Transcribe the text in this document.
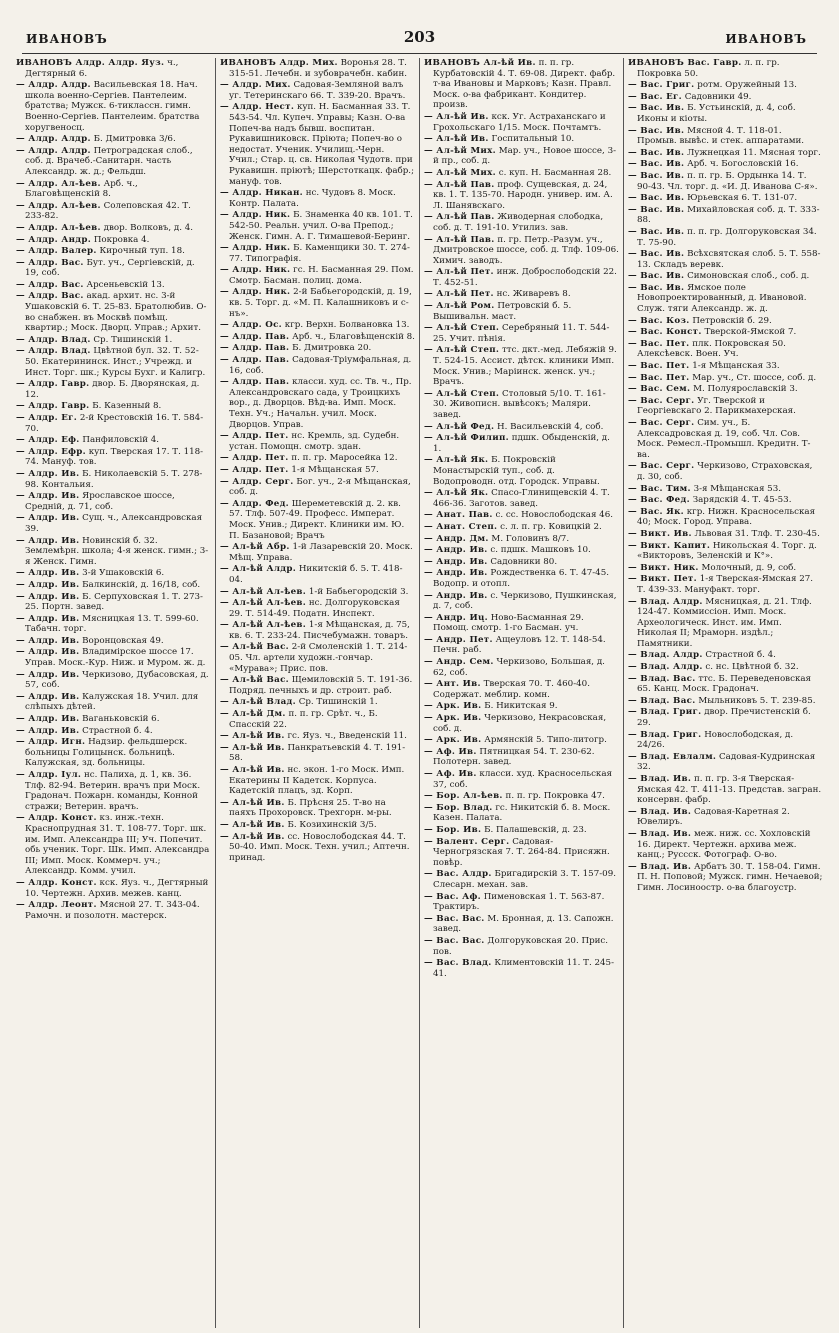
ИВАНОВЪ	203	ИВАНОВЪ

ИВАНОВЪ Алдр. Алдр. Яуз. ч., Дегтярный 6.

— Алдр. Алдр. Васильевская 18. Нач. школа военно-Сергіев. Пантелеим. братства; Мужск. 6-тиклассн. гимн. Военно-Сергіев. Пантелеим. братства хоругвеносц.

— Алдр. Алдр. Б. Дмитровка 3/6.

— Алдр. Алдр. Петроградская слоб., соб. д. Врачеб.-Санитарн. часть Александр. ж. д.; Фельдш.

— Алдр. Ал-ѣев. Арб. ч., Благовѣщенскій 8.

— Алдр. Ал-ѣев. Солеповская 42. Т. 233-82.

— Алдр. Ал-ѣев. двор. Волковъ, д. 4.

— Алдр. Андр. Покровка 4.

— Алдр. Валер. Кирочный туп. 18.

— Алдр. Вас. Бут. уч., Сергіевскій, д. 19, соб.

— Алдр. Вас. Арсеньевскій 13.

— Алдр. Вас. акад. архит. нс. 3-й Ушаковскій 6. Т. 25-83. Братолюбив. О-во снабжен. въ Москвѣ помѣщ. квартир.; Моск. Дворц. Управ.; Архит.

— Алдр. Влад. Ср. Тишинскій 1.

— Алдр. Влад. Цвѣтной бул. 32. Т. 52-50. Екатерининск. Инст.; Учрежд. и Инст. Торг. шк.; Курсы Бухг. и Калигр.

— Алдр. Гавр. двор. Б. Дворянская, д. 12.

— Алдр. Гавр. Б. Казенный 8.

— Алдр. Ег. 2-й Крестовскій 16. Т. 584-70.

— Алдр. Еф. Панфиловскій 4.

— Алдр. Ефр. куп. Тверская 17. Т. 118-74. Мануф. тов.

— Алдр. Ив. Б. Николаевскій 5. Т. 278-98. Контальия.

— Алдр. Ив. Ярославское шоссе, Средній, д. 71, соб.

— Алдр. Ив. Сущ. ч., Александровская 39.

— Алдр. Ив. Новинскій б. 32. Землемѣрн. школа; 4-я женск. гимн.; 3-я Женск. Гимн.

— Алдр. Ив. 3-й Ушаковскій 6.

— Алдр. Ив. Балкинскій, д. 16/18, соб.

— Алдр. Ив. Б. Серпуховская 1. Т. 273-25. Портн. завед.

— Алдр. Ив. Мясницкая 13. Т. 599-60. Табачн. торг.

— Алдр. Ив. Воронцовская 49.

— Алдр. Ив. Владимірское шоссе 17. Управ. Моск.-Кур. Ниж. и Муром. ж. д.

— Алдр. Ив. Черкизово, Дубасовская, д. 57, соб.

— Алдр. Ив. Калужская 18. Учил. для слѣпыхъ дѣтей.

— Алдр. Ив. Ваганьковскій 6.

— Алдр. Ив. Страстной б. 4.

— Алдр. Игн. Надзир. фельдшерск. больницы Голицынск. больницѣ. Калужская, зд. больницы.

— Алдр. Iул. нс. Палиха, д. 1, кв. 36. Тлф. 82-94. Ветерин. врачъ при Моск. Градонач. Пожарн. команды, Конной стражи; Ветерин. врачъ.

— Алдр. Конст. кз. инж.-техн. Краснопрудная 31. Т. 108-77. Торг. шк. им. Имп. Александра III; Уч. Попечит. обь ученик. Торг. Шк. Имп. Александра III; Имп. Моск. Коммерч. уч.; Александр. Комм. учил.

— Алдр. Конст. кск. Яуз. ч., Дегтярный 10. Чертежн. Архив. межев. канц.

— Алдр. Леонт. Мясной 27. Т. 343-04. Рамочн. и позолотн. мастерск.

ИВАНОВЪ Алдр. Мих. Воронья 28. Т. 315-51. Лечебн. и зубоврачебн. кабин.

— Алдр. Мих. Садовая-Земляной валъ уг. Тетеринскаго 66. Т. 339-20. Врачъ.

— Алдр. Нест. куп. Н. Басманная 33. Т. 543-54. Чл. Купеч. Управы; Казн. О-ва Попеч-ва надъ бывш. воспитан. Рукавишниковск. Пріюта; Попеч-во о недостат. Ученик. Училищ.-Черн. Учил.; Стар. ц. св. Николая Чудотв. при Рукавишн. пріютѣ; Шерстоткацк. фабр.; мануф. тов.

— Алдр. Никан. нс. Чудовъ 8. Моск. Контр. Палата.

— Алдр. Ник. Б. Знаменка 40 кв. 101. Т. 542-50. Реальн. учил. О-ва Препод.; Женск. Гимн. А. Г. Тимашевой-Беринг.

— Алдр. Ник. Б. Каменщики 30. Т. 274-77. Типографія.

— Алдр. Ник. гс. Н. Басманная 29. Пом. Смотр. Басман. полиц. дома.

— Алдр. Ник. 2-й Бабьегородскій, д. 19, кв. 5. Торг. д. «М. П. Калашниковъ и с-нъ».

— Алдр. Ос. кгр. Верхн. Болвановка 13.

— Алдр. Пав. Арб. ч., Благовѣщенскій 8.

— Алдр. Пав. Б. Дмитровка 20.

— Алдр. Пав. Садовая-Трiумфальная, д. 16, соб.

— Алдр. Пав. класси. худ. сс. Тв. ч., Пр. Александровскаго сада, у Троицкихъ вор., д. Дворцов. Вѣд-ва. Имп. Моск. Техн. Уч.; Начальн. учил. Моск. Дворцов. Управ.

— Алдр. Пет. нс. Кремль, зд. Судебн. устан. Помощн. смотр. здан.

— Алдр. Пет. п. п. гр. Маросейка 12.

— Алдр. Пет. 1-я Мѣщанская 57.

— Алдр. Серг. Бог. уч., 2-я Мѣщанская, соб. д.

— Алдр. Фед. Шереметевскій д. 2. кв. 57. Тлф. 507-49. Професс. Императ. Моск. Унив.; Директ. Клиники им. Ю. П. Базановой; Врачъ

— Ал-ѣй Абр. 1-й Лазаревскій 20. Моск. Мѣщ. Управа.

— Ал-ѣй Алдр. Никитскій б. 5. Т. 418-04.

— Ал-ѣй Ал-ѣев. 1-й Бабьегородскій 3.

— Ал-ѣй Ал-ѣев. нс. Долгоруковская 29. Т. 514-49. Податн. Инспект.

— Ал-ѣй Ал-ѣев. 1-я Мѣщанская, д. 75, кв. 6. Т. 233-24. Писчебумажн. товаръ.

— Ал-ѣй Вас. 2-й Смоленскій 1. Т. 214-05. Чл. артели художн.-гончар. «Мурава»; Прис. пов.

— Ал-ѣй Вас. Щемиловскій 5. Т. 191-36. Подряд. печныхъ и др. строит. раб.

— Ал-ѣй Влад. Ср. Тишинскій 1.

— Ал-ѣй Дм. п. п. гр. Срѣт. ч., Б. Спасскій 22.

— Ал-ѣй Ив. гс. Яуз. ч., Введенскій 11.

— Ал-ѣй Ив. Панкратьевскій 4. Т. 191-58.

— Ал-ѣй Ив. нс. экон. 1-го Моск. Имп. Екатерины II Кадетск. Корпуса. Кадетскій плацъ, зд. Корп.

— Ал-ѣй Ив. Б. Прѣсня 25. Т-во на паяхъ Прохоровск. Трехгорн. м-ры.

— Ал-ѣй Ив. Б. Козихинскій 3/5.

— Ал-ѣй Ив. сс. Новослободская 44. Т. 50-40. Имп. Моск. Техн. учил.; Аптечн. принад.

ИВАНОВЪ Ал-ѣй Ив. п. п. гр. Курбатовскій 4. Т. 69-08. Директ. фабр. т-ва Ивановы и Марковъ; Казн. Правл. Моск. о-ва фабрикант. Кондитер. произв.

— Ал-ѣй Ив. кск. Уг. Астраханскаго и Грохольскаго 1/15. Моск. Почтамтъ.

— Ал-ѣй Ив. Госпитальный 10.

— Ал-ѣй Мих. Мар. уч., Новое шоссе, 3-й пр., соб. д.

— Ал-ѣй Мих. с. куп. Н. Басманная 28.

— Ал-ѣй Пав. проф. Сущевская, д. 24, кв. 1. Т. 135-70. Народн. универ. им. А. Л. Шанявскаго.

— Ал-ѣй Пав. Живодерная слободка, соб. д. Т. 191-10. Утилиз. зав.

— Ал-ѣй Пав. п. гр. Петр.-Разум. уч., Дмитровское шоссе, соб. д. Тлф. 109-06. Химич. заводъ.

— Ал-ѣй Пет. инж. Доброслободскій 22. Т. 452-51.

— Ал-ѣй Пет. нс. Живаревъ 8.

— Ал-ѣй Ром. Петровскій б. 5. Вышивальн. маст.

— Ал-ѣй Степ. Серебряный 11. Т. 544-25. Учит. пѣнія.

— Ал-ѣй Степ. ттс. дкт.-мед. Лебяжій 9. Т. 524-15. Ассист. дѣтск. клиники Имп. Моск. Унив.; Маріинск. женск. уч.; Врачъ.

— Ал-ѣй Степ. Столовый 5/10. Т. 161-30. Живописн. вывѣсокъ; Маляри. завед.

— Ал-ѣй Фед. Н. Васильевскій 4, соб.

— Ал-ѣй Филип. пдшк. Обыденскій, д. 1.

— Ал-ѣй Як. Б. Покровскій Монастырскій туп., соб. д. Водопроводн. отд. Городск. Управы.

— Ал-ѣй Як. Спасо-Глинищевскій 4. Т. 466-36. Заготов. завед.

— Анат. Пав. с. сс. Новослободская 46.

— Анат. Степ. с. л. п. гр. Ковицкій 2.

— Андр. Дм. М. Головинъ 8/7.

— Андр. Ив. с. пдшк. Машковъ 10.

— Андр. Ив. Садовники 80.

— Андр. Ив. Рождественка 6. Т. 47-45. Водопр. и отопл.

— Андр. Ив. с. Черкизово, Пушкинская, д. 7, соб.

— Андр. Иų. Ново-Басманная 29. Помощ. смотр. 1-го Басман. уч.

— Андр. Пет. Ащеуловъ 12. Т. 148-54. Печн. раб.

— Андр. Сем. Черкизово, Большая, д. 62, соб.

— Ант. Ив. Тверская 70. Т. 460-40. Содержат. меблир. комн.

— Арк. Ив. Б. Никитская 9.

— Арк. Ив. Черкизово, Некрасовская, соб. д.

— Арк. Ив. Армянскій 5. Типо-литогр.

— Аф. Ив. Пятницкая 54. Т. 230-62. Полотерн. завед.

— Аф. Ив. класси. худ. Красносельская 37, соб.

— Бор. Ал-ѣев. п. п. гр. Покровка 47.

— Бор. Влад. гс. Никитскій б. 8. Моск. Казен. Палата.

— Бор. Ив. Б. Палашевскій, д. 23.

— Валент. Серг. Садовая-Черногрязская 7. Т. 264-84. Присяжн. повѣр.

— Вас. Алдр. Бригадирскій 3. Т. 157-09. Слесарн. механ. зав.

— Вас. Аф. Пименовская 1. Т. 563-87. Трактиръ.

— Вас. Вас. М. Бронная, д. 13. Сапожн. завед.

— Вас. Вас. Долгоруковская 20. Прис. пов.

— Вас. Влад. Климентовскій 11. Т. 245-41.

ИВАНОВЪ Вас. Гавр. л. п. гр. Покровка 50.

— Вас. Григ. ротм. Оружейный 13.

— Вас. Ег. Садовники 49.

— Вас. Ив. Б. Устьинскій, д. 4, соб. Иконы и кіоты.

— Вас. Ив. Мясной 4. Т. 118-01. Промыв. вывѣс. и стек. аппаратами.

— Вас. Ив. Лужнецкая 11. Мясная торг.

— Вас. Ив. Арб. ч. Богословскій 16.

— Вас. Ив. п. п. гр. Б. Ордынка 14. Т. 90-43. Чл. торг. д. «И. Д. Иванова С-я».

— Вас. Ив. Юрьевская 6. Т. 131-07.

— Вас. Ив. Михайловская соб. д. Т. 333-88.

— Вас. Ив. п. п. гр. Долгоруковская 34. Т. 75-90.

— Вас. Ив. Всѣхсвятская слоб. 5. Т. 558-13. Складъ веревк.

— Вас. Ив. Симоновская слоб., соб. д.

— Вас. Ив. Ямское поле Новопроектированный, д. Ивановой. Служ. тяги Александр. ж. д.

— Вас. Коз. Петровскій б. 29.

— Вас. Конст. Тверской-Ямской 7.

— Вас. Пет. плк. Покровская 50. Алексѣевск. Воен. Уч.

— Вас. Пет. 1-я Мѣщанская 33.

— Вас. Пет. Мар. уч., Ст. шоссе, соб. д.

— Вас. Сем. М. Полуярославскій 3.

— Вас. Серг. Уг. Тверской и Георгіевскаго 2. Парикмахерская.

— Вас. Серг. Сим. уч., Б. Алексадровская д. 19, соб. Чл. Сов. Моск. Ремесл.-Промышл. Кредитн. Т-ва.

— Вас. Серг. Черкизово, Страховская, д. 30, соб.

— Вас. Тим. 3-я Мѣщанская 53.

— Вас. Фед. Зарядскій 4. Т. 45-53.

— Вас. Як. кгр. Нижн. Красносельская 40; Моск. Город. Управа.

— Викт. Ив. Львовая 31. Тлф. Т. 230-45.

— Викт. Капит. Никольская 4. Торг. д. «Викторовъ, Зеленскій и К°».

— Викт. Ник. Молочный, д. 9, соб.

— Викт. Пет. 1-я Тверская-Ямская 27. Т. 439-33. Мануфакт. торг.

— Влад. Алдр. Мясницкая, д. 21. Тлф. 124-47. Коммиссіон. Имп. Моск. Археологическ. Инст. им. Имп. Николая II; Мраморн. издѣл.; Памятники.

— Влад. Алдр. Страстной б. 4.

— Влад. Алдр. с. нс. Цвѣтной б. 32.

— Влад. Вас. ттс. Б. Переведеновская 65. Канц. Моск. Градонач.

— Влад. Вас. Мыльниковъ 5. Т. 239-85.

— Влад. Григ. двор. Пречистенскій б. 29.

— Влад. Григ. Новослободская, д. 24/26.

— Влад. Евлалм. Садовая-Кудринская 32.

— Влад. Ив. п. п. гр. 3-я Тверская-Ямская 42. Т. 411-13. Представ. загран. консервн. фабр.

— Влад. Ив. Садовая-Каретная 2. Ювелиръ.

— Влад. Ив. меж. ниж. сс. Хохловскій 16. Директ. Чертежн. архива меж. канц.; Руссск. Фотограф. О-во.

— Влад. Ив. Арбатъ 30. Т. 158-04. Гимн. П. Н. Поповой; Мужск. гимн. Нечаевой; Гимн. Лосиноостр. о-ва благоустр.
